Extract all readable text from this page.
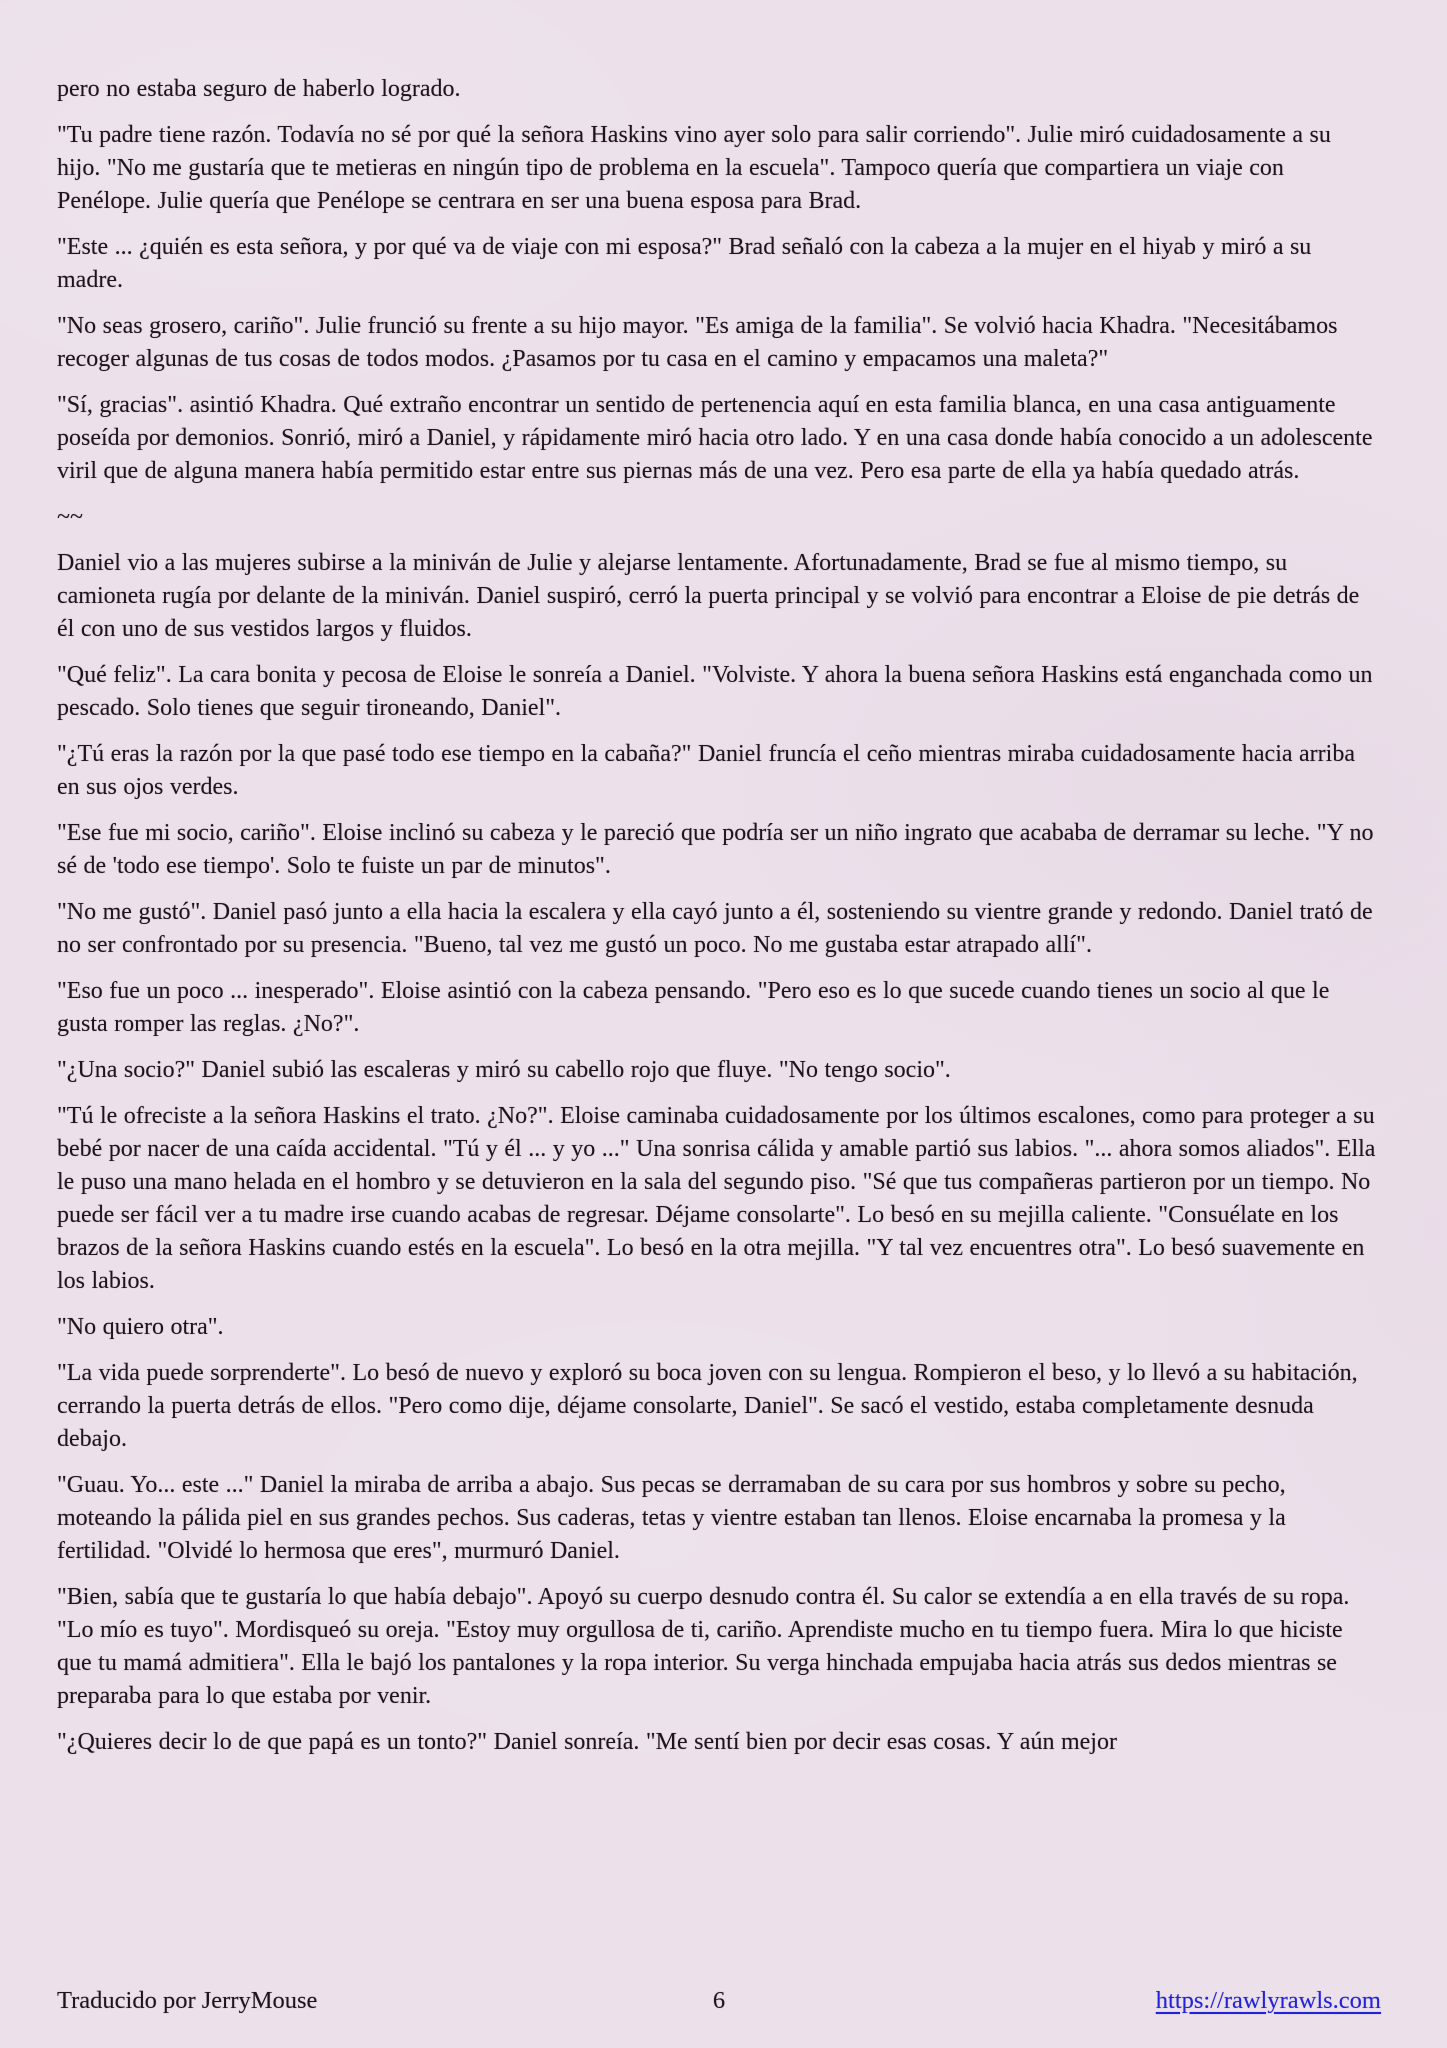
pero no estaba seguro de haberlo logrado.

"Tu padre tiene razón. Todavía no sé por qué la señora Haskins vino ayer solo para salir corriendo". Julie miró cuidadosamente a su hijo. "No me gustaría que te metieras en ningún tipo de problema en la escuela". Tampoco quería que compartiera un viaje con Penélope. Julie quería que Penélope se centrara en ser una buena esposa para Brad.

"Este ... ¿quién es esta señora, y por qué va de viaje con mi esposa?" Brad señaló con la cabeza a la mujer en el hiyab y miró a su madre.

"No seas grosero, cariño". Julie frunció su frente a su hijo mayor. "Es amiga de la familia". Se volvió hacia Khadra. "Necesitábamos recoger algunas de tus cosas de todos modos. ¿Pasamos por tu casa en el camino y empacamos una maleta?"

"Sí, gracias". asintió Khadra. Qué extraño encontrar un sentido de pertenencia aquí en esta familia blanca, en una casa antiguamente poseída por demonios. Sonrió, miró a Daniel, y rápidamente miró hacia otro lado. Y en una casa donde había conocido a un adolescente viril que de alguna manera había permitido estar entre sus piernas más de una vez. Pero esa parte de ella ya había quedado atrás.

~~

Daniel vio a las mujeres subirse a la miniván de Julie y alejarse lentamente. Afortunadamente, Brad se fue al mismo tiempo, su camioneta rugía por delante de la miniván. Daniel suspiró, cerró la puerta principal y se volvió para encontrar a Eloise de pie detrás de él con uno de sus vestidos largos y fluidos.

"Qué feliz". La cara bonita y pecosa de Eloise le sonreía a Daniel. "Volviste. Y ahora la buena señora Haskins está enganchada como un pescado. Solo tienes que seguir tironeando, Daniel".

"¿Tú eras la razón por la que pasé todo ese tiempo en la cabaña?" Daniel fruncía el ceño mientras miraba cuidadosamente hacia arriba en sus ojos verdes.

"Ese fue mi socio, cariño". Eloise inclinó su cabeza y le pareció que podría ser un niño ingrato que acababa de derramar su leche. "Y no sé de 'todo ese tiempo'. Solo te fuiste un par de minutos".

"No me gustó". Daniel pasó junto a ella hacia la escalera y ella cayó junto a él, sosteniendo su vientre grande y redondo. Daniel trató de no ser confrontado por su presencia. "Bueno, tal vez me gustó un poco. No me gustaba estar atrapado allí".

"Eso fue un poco ... inesperado". Eloise asintió con la cabeza pensando. "Pero eso es lo que sucede cuando tienes un socio al que le gusta romper las reglas. ¿No?".

"¿Una socio?" Daniel subió las escaleras y miró su cabello rojo que fluye. "No tengo socio".

"Tú le ofreciste a la señora Haskins el trato. ¿No?". Eloise caminaba cuidadosamente por los últimos escalones, como para proteger a su bebé por nacer de una caída accidental. "Tú y él ... y yo ..." Una sonrisa cálida y amable partió sus labios. "... ahora somos aliados". Ella le puso una mano helada en el hombro y se detuvieron en la sala del segundo piso. "Sé que tus compañeras partieron por un tiempo. No puede ser fácil ver a tu madre irse cuando acabas de regresar. Déjame consolarte". Lo besó en su mejilla caliente. "Consuélate en los brazos de la señora Haskins cuando estés en la escuela". Lo besó en la otra mejilla. "Y tal vez encuentres otra". Lo besó suavemente en los labios.

"No quiero otra".

"La vida puede sorprenderte". Lo besó de nuevo y exploró su boca joven con su lengua. Rompieron el beso, y lo llevó a su habitación, cerrando la puerta detrás de ellos. "Pero como dije, déjame consolarte, Daniel". Se sacó el vestido, estaba completamente desnuda debajo.

"Guau. Yo... este ..." Daniel la miraba de arriba a abajo. Sus pecas se derramaban de su cara por sus hombros y sobre su pecho, moteando la pálida piel en sus grandes pechos. Sus caderas, tetas y vientre estaban tan llenos. Eloise encarnaba la promesa y la fertilidad. "Olvidé lo hermosa que eres", murmuró Daniel.

"Bien, sabía que te gustaría lo que había debajo". Apoyó su cuerpo desnudo contra él. Su calor se extendía a en ella través de su ropa. "Lo mío es tuyo". Mordisqueó su oreja. "Estoy muy orgullosa de ti, cariño. Aprendiste mucho en tu tiempo fuera. Mira lo que hiciste que tu mamá admitiera". Ella le bajó los pantalones y la ropa interior. Su verga hinchada empujaba hacia atrás sus dedos mientras se preparaba para lo que estaba por venir.

"¿Quieres decir lo de que papá es un tonto?" Daniel sonreía. "Me sentí bien por decir esas cosas. Y aún mejor

Traducido por JerryMouse	6	https://rawlyrawls.com
